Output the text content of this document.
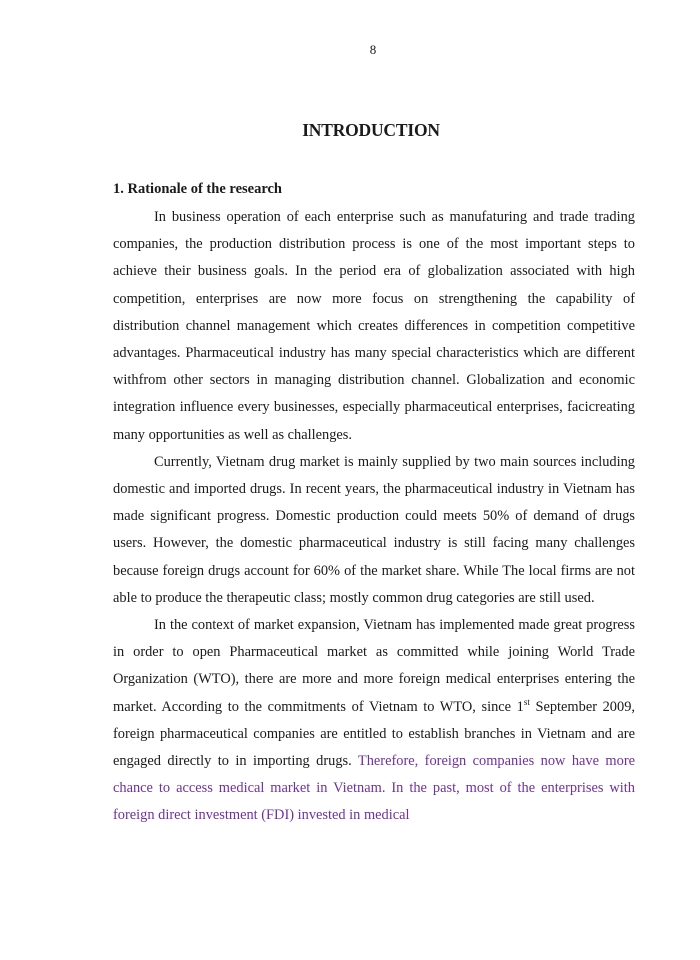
8
INTRODUCTION
1. Rationale of the research

In business operation of each enterprise such as manufaturing and trade trading companies, the production distribution process is one of the most important steps to achieve their business goals. In the period era of globalization associated with high competition, enterprises are now more focus on strengthening the capability of distribution channel management which creates differences in competition competitive advantages. Pharmaceutical industry has many special characteristics which are different withfrom other sectors in managing distribution channel. Globalization and economic integration influence every businesses, especially pharmaceutical enterprises, facicreating many opportunities as well as challenges.

Currently, Vietnam drug market is mainly supplied by two main sources including domestic and imported drugs. In recent years, the pharmaceutical industry in Vietnam has made significant progress. Domestic production could meets 50% of demand of drugs users. However, the domestic pharmaceutical industry is still facing many challenges because foreign drugs account for 60% of the market share. While The local firms are not able to produce the therapeutic class; mostly common drug categories are still used.

In the context of market expansion, Vietnam has implemented made great progress in order to open Pharmaceutical market as committed while joining World Trade Organization (WTO), there are more and more foreign medical enterprises entering the market. According to the commitments of Vietnam to WTO, since 1st September 2009, foreign pharmaceutical companies are entitled to establish branches in Vietnam and are engaged directly to in importing drugs. Therefore, foreign companies now have more chance to access medical market in Vietnam. In the past, most of the enterprises with foreign direct investment (FDI) invested in medical
